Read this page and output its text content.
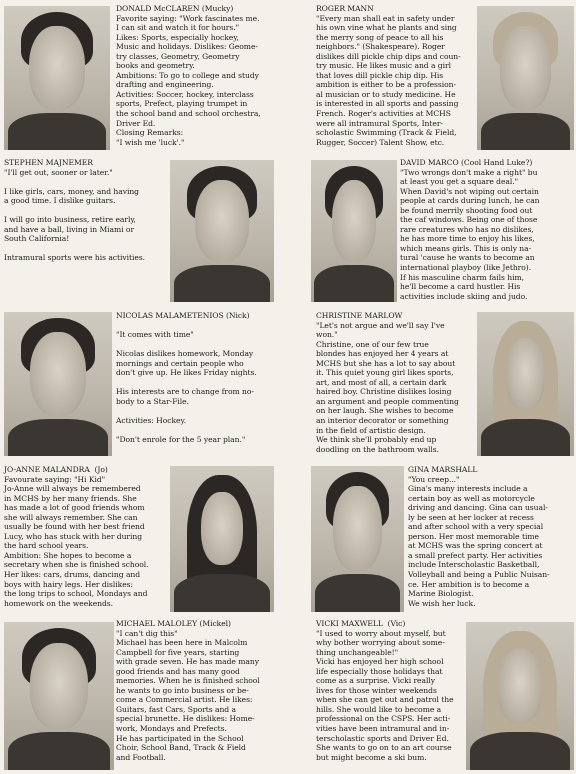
DONALD McCLAREN (Mucky)
Favorite saying: "Work fascinates me.
I can sit and watch it for hours."
Likes: Sports, especially hockey,
Music and holidays. Dislikes: Geome-
try classes, Geometry, Geometry
books and geometry.
Ambitions: To go to college and study
drafting and engineering.
Activities: Soccer, hockey, interclass
sports, Prefect, playing trumpet in
the school band and school orchestra,
Driver Ed.
Closing Remarks:
"I wish me 'luck'."
ROGER MANN
"Every man shall eat in safety under
his own vine what he plants and sing
the merry song of peace to all his
neighbors." (Shakespeare). Roger
dislikes dill pickle chip dips and coun-
try music. He likes music and a girl
that loves dill pickle chip dip. His
ambition is either to be a profession-
al musician or to study medicine. He
is interested in all sports and passing
French. Roger's activities at MCHS
were all intramural Sports, Inter-
scholastic Swimming (Track & Field,
Rugger, Soccer) Talent Show, etc.
STEPHEN MAJNEMER
"I'll get out, sooner or later."

I like girls, cars, money, and having
a good time. I dislike guitars.

I will go into business, retire early,
and have a ball, living in Miami or
South California!

Intramural sports were his activities.
DAVID MARCO (Cool Hand Luke?)
"Two wrongs don't make a right" bu
at least you get a square deal."
When David's not wiping out certain
people at cards during lunch, he can
be found merrily shooting food out
the caf windows. Being one of those
rare creatures who has no dislikes,
he has more time to enjoy his likes,
which means girls. This is only na-
tural 'cause he wants to become an
international playboy (like Jethro).
If his masculine charm fails him,
he'll become a card hustler. His
activities include skiing and judo.
NICOLAS MALAMETENIOS (Nick)

"It comes with time"

Nicolas dislikes homework, Monday
mornings and certain people who
don't give up. He likes Friday nights.

His interests are to change from no-
body to a Star-File.

Activities: Hockey.

"Don't enrole for the 5 year plan."
CHRISTINE MARLOW
"Let's not argue and we'll say I've
won."
Christine, one of our few true
blondes has enjoyed her 4 years at
MCHS but she has a lot to say about
it. This quiet young girl likes sports,
art, and most of all, a certain dark
haired boy. Christine dislikes losing
an argument and people commenting
on her laugh. She wishes to become
an interior decorator or something
in the field of artistic design.
We think she'll probably end up
doodling on the bathroom walls.
JO-ANNE MALANDRA  (Jo)
Favourate saying: "Hi Kid"
Jo-Anne will always be remembered
in MCHS by her many friends. She
has made a lot of good friends whom
she will always remember. She can
usually be found with her best friend
Lucy, who has stuck with her during
the hard school years.
Ambition: She hopes to become a
secretary when she is finished school.
Her likes: cars, drums, dancing and
boys with hairy legs. Her dislikes:
the long trips to school, Mondays and
homework on the weekends.
GINA MARSHALL
"You creep..."
Gina's many interests include a
certain boy as well as motorcycle
driving and dancing. Gina can usual-
ly be seen at her locker at recess
and after school with a very special
person. Her most memorable time
at MCHS was the spring concert at
a small prefect party. Her activities
include Interscholastic Basketball,
Volleyball and being a Public Nuisan-
ce. Her ambition is to become a
Marine Biologist.
We wish her luck.
MICHAEL MALOLEY (Mickel)
"I can't dig this"
Michael has been here in Malcolm
Campbell for five years, starting
with grade seven. He has made many
good friends and has many good
memories. When he is finished school
he wants to go into business or be-
come a Commercial artist. He likes:
Guitars, fast Cars, Sports and a
special brunette. He dislikes: Home-
work, Mondays and Prefects.
He has participated in the School
Choir, School Band, Track & Field
and Football.
VICKI MAXWELL  (Vic)
"I used to worry about myself, but
why bother worrying about some-
thing unchangeable!"
Vicki has enjoyed her high school
life especially those holidays that
come as a surprise. Vicki really
lives for those winter weekends
when she can get out and patrol the
hills. She would like to become a
professional on the CSPS. Her acti-
vities have been intramural and in-
terscholastic sports and Driver Ed.
She wants to go on to an art course
but might become a ski bum.
